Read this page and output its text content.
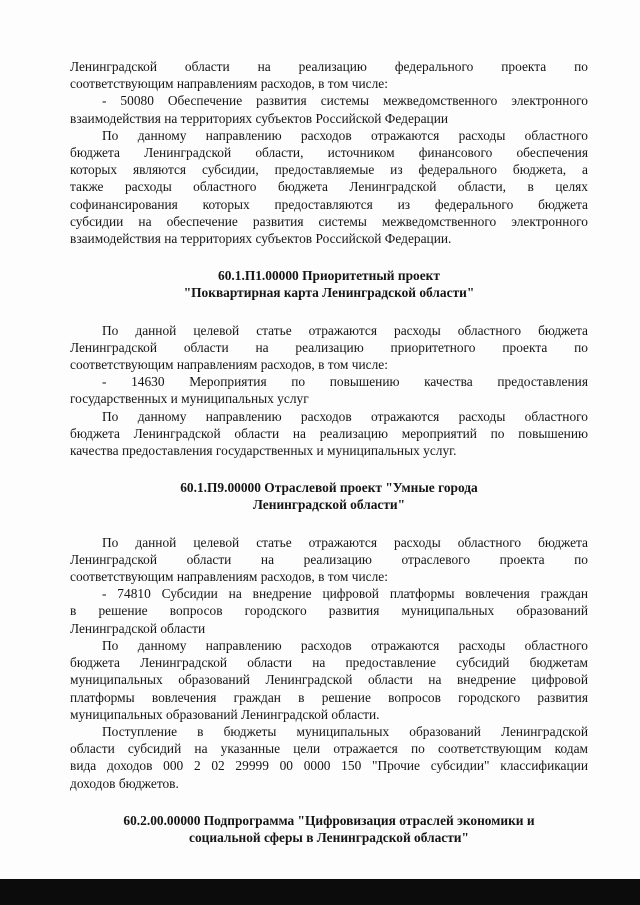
Ленинградской области на реализацию федерального проекта по
соответствующим направлениям расходов, в том числе:
- 50080 Обеспечение развития системы межведомственного электронного
взаимодействия на территориях субъектов Российской Федерации
По данному направлению расходов отражаются расходы областного
бюджета Ленинградской области, источником финансового обеспечения
которых являются субсидии, предоставляемые из федерального бюджета, а
также расходы областного бюджета Ленинградской области, в целях
софинансирования которых предоставляются из федерального бюджета
субсидии на обеспечение развития системы межведомственного электронного
взаимодействия на территориях субъектов Российской Федерации.
60.1.П1.00000 Приоритетный проект
"Поквартирная карта Ленинградской области"
По данной целевой статье отражаются расходы областного бюджета
Ленинградской области на реализацию приоритетного проекта по
соответствующим направлениям расходов, в том числе:
- 14630 Мероприятия по повышению качества предоставления
государственных и муниципальных услуг
По данному направлению расходов отражаются расходы областного
бюджета Ленинградской области на реализацию мероприятий по повышению
качества предоставления государственных и муниципальных услуг.
60.1.П9.00000 Отраслевой проект "Умные города
Ленинградской области"
По данной целевой статье отражаются расходы областного бюджета
Ленинградской области на реализацию отраслевого проекта по
соответствующим направлениям расходов, в том числе:
- 74810 Субсидии на внедрение цифровой платформы вовлечения граждан
в решение вопросов городского развития муниципальных образований
Ленинградской области
По данному направлению расходов отражаются расходы областного
бюджета Ленинградской области на предоставление субсидий бюджетам
муниципальных образований Ленинградской области на внедрение цифровой
платформы вовлечения граждан в решение вопросов городского развития
муниципальных образований Ленинградской области.
Поступление в бюджеты муниципальных образований Ленинградской
области субсидий на указанные цели отражается по соответствующим кодам
вида доходов 000 2 02 29999 00 0000 150 "Прочие субсидии" классификации
доходов бюджетов.
60.2.00.00000 Подпрограмма "Цифровизация отраслей экономики и
социальной сферы в Ленинградской области"
